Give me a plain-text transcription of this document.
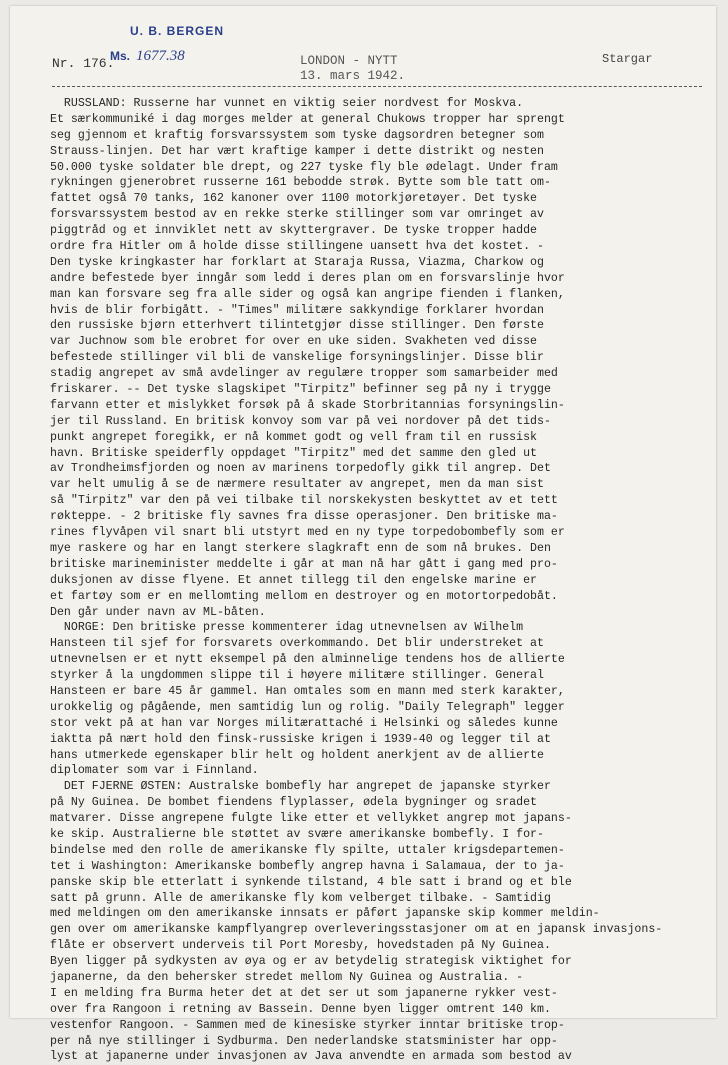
U. B. BERGEN
Ms. 1677.38
Nr. 176.	LONDON - NYTT
13. mars 1942.
Stargar
RUSSLAND: Russerne har vunnet en viktig seier nordvest for Moskva.
Et særkommuniké i dag morges melder at general Chukows tropper har sprengt
seg gjennom et kraftig forsvarssystem som tyske dagsordren betegner som
Strauss-linjen. Det har vært kraftige kamper i dette distrikt og nesten
50.000 tyske soldater ble drept, og 227 tyske fly ble ødelagt. Under fram
rykningen gjenerobret russerne 161 bebodde strøk. Bytte som ble tatt om-
fattet også 70 tanks, 162 kanoner over 1100 motorkjøretøyer. Det tyske
forsvarssystem bestod av en rekke sterke stillinger som var omringet av
piggtråd og et innviklet nett av skyttergraver. De tyske tropper hadde
ordre fra Hitler om å holde disse stillingene uansett hva det kostet. -
Den tyske kringkaster har forklart at Staraja Russa, Viazma, Charkow og
andre befestede byer inngår som ledd i deres plan om en forsvarslinje hvor
man kan forsvare seg fra alle sider og også kan angripe fienden i flanken,
hvis de blir forbigått. - "Times" militære sakkyndige forklarer hvordan
den russiske bjørn etterhvert tilintetgjør disse stillinger. Den første
var Juchnow som ble erobret for over en uke siden. Svakheten ved disse
befestede stillinger vil bli de vanskelige forsyningslinjer. Disse blir
stadig angrepet av små avdelinger av regulære tropper som samarbeider med
friskarer. -- Det tyske slagskipet "Tirpitz" befinner seg på ny i trygge
farvann etter et mislykket forsøk på å skade Storbritannias forsyningslin-
jer til Russland. En britisk konvoy som var på vei nordover på det tids-
punkt angrepet foregikk, er nå kommet godt og vell fram til en russisk
havn. Britiske speiderfly oppdaget "Tirpitz" med det samme den gled ut
av Trondheimsfjorden og noen av marinens torpedofly gikk til angrep. Det
var helt umulig å se de nærmere resultater av angrepet, men da man sist
så "Tirpitz" var den på vei tilbake til norskekysten beskyttet av et tett
røkteppe. - 2 britiske fly savnes fra disse operasjoner. Den britiske ma-
rines flyvåpen vil snart bli utstyrt med en ny type torpedobombefly som er
mye raskere og har en langt sterkere slagkraft enn de som nå brukes. Den
britiske marineminister meddelte i går at man nå har gått i gang med pro-
duksjonen av disse flyene. Et annet tillegg til den engelske marine er
et fartøy som er en mellomting mellom en destroyer og en motortorpedobåt.
Den går under navn av ML-båten.
NORGE: Den britiske presse kommenterer idag utnevnelsen av Wilhelm
Hansteen til sjef for forsvarets overkommando. Det blir understreket at
utnevnelsen er et nytt eksempel på den alminnelige tendens hos de allierte
styrker å la ungdommen slippe til i høyere militære stillinger. General
Hansteen er bare 45 år gammel. Han omtales som en mann med sterk karakter,
urokkelig og pågående, men samtidig lun og rolig. "Daily Telegraph" legger
stor vekt på at han var Norges militærattaché i Helsinki og således kunne
iaktta på nært hold den finsk-russiske krigen i 1939-40 og legger til at
hans utmerkede egenskaper blir helt og holdent anerkjent av de allierte
diplomater som var i Finnland.
DET FJERNE ØSTEN: Australske bombefly har angrepet de japanske styrker
på Ny Guinea. De bombet fiendens flyplasser, ødela bygninger og sradet
matvarer. Disse angrepene fulgte like etter et vellykket angrep mot japans-
ke skip. Australierne ble støttet av svære amerikanske bombefly. I for-
bindelse med den rolle de amerikanske fly spilte, uttaler krigsdepartemen-
tet i Washington: Amerikanske bombefly angrep havna i Salamaua, der to ja-
panske skip ble etterlatt i synkende tilstand, 4 ble satt i brand og et ble
satt på grunn. Alle de amerikanske fly kom velberget tilbake. - Samtidig
med meldingen om den amerikanske innsats er påført japanske skip kommer meldin-
gen over om amerikanske kampflyangrep overleveringsstasjoner om at en japansk invasjons-
flåte er observert underveis til Port Moresby, hovedstaden på Ny Guinea.
Byen ligger på sydkysten av øya og er av betydelig strategisk viktighet for
japanerne, da den behersker stredet mellom Ny Guinea og Australia. -
I en melding fra Burma heter det at det ser ut som japanerne rykker vest-
over fra Rangoon i retning av Bassein. Denne byen ligger omtrent 140 km.
vestenfor Rangoon. - Sammen med de kinesiske styrker inntar britiske trop-
per nå nye stillinger i Sydburma. Den nederlandske statsminister har opp-
lyst at japanerne under invasjonen av Java anvendte en armada som bestod av
